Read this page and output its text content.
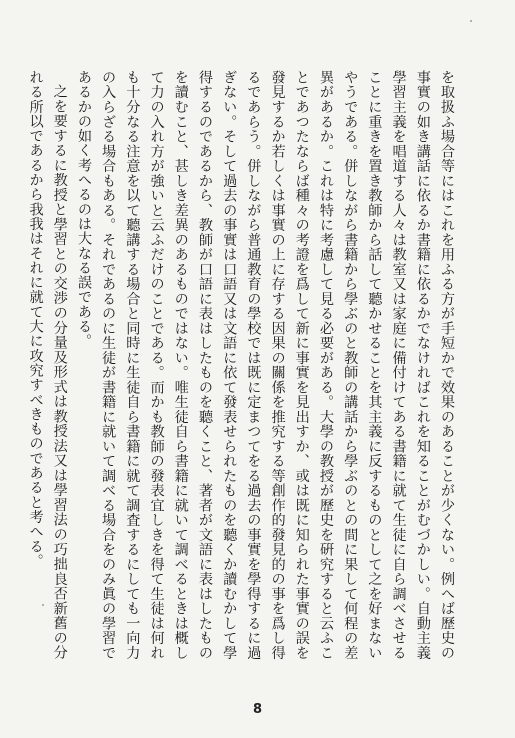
を取扱ふ場合等にはこれを用ふる方が手短かで效果のあることが少くない。例へば歷史の事實の如き講話に依るか書籍に依るかでなければこれを知ることがむづかしい。自動主義學習主義を唱道する人々は教室又は家庭に備付けてある書籍に就て生徒に自ら調べさせることに重きを置き教師から話して聽かせることを其主義に反するものとして之を好まないやうである。併しながら書籍から學ぶのと教師の講話から學ぶのとの間に果して何程の差異があるか。これは特に考慮して見る必要がある。大學の教授が歷史を硏究すると云ふことであつたならば種々の考證を爲して新に事實を見出すか、或は既に知られた事實の誤を發見するか若しくは事實の上に存する因果の關係を推究する等創作的發見的の事を爲し得るであらう。併しながら普通教育の學校では既に定まつてをる過去の事實を學得するに過ぎない。そして過去の事實は口語又は文語に依て發表せられたものを聽くか讀むかして學得するのであるから、教師が口語に表はしたものを聽くこと、著者が文語に表はしたものを讀むこと、甚しき差異のあるものではない。唯生徒自ら書籍に就いて調べるときは概して力の入れ方が強いと云ふだけのことである。而かも教師の發表宜しきを得て生徒は何れも十分なる注意を以て聽講する場合と同時に生徒自ら書籍に就て調査するにしても一向力の入らざる場合もある。それであるのに生徒が書籍に就いて調べる場合をのみ眞の學習であるかの如く考へるのは大なる誤である。

之を要するに教授と學習との交渉の分量及形式は教授法又は學習法の巧拙良否新舊の分れる所以であるから我我はそれに就て大に攻究すべきものであると考へる。

8
